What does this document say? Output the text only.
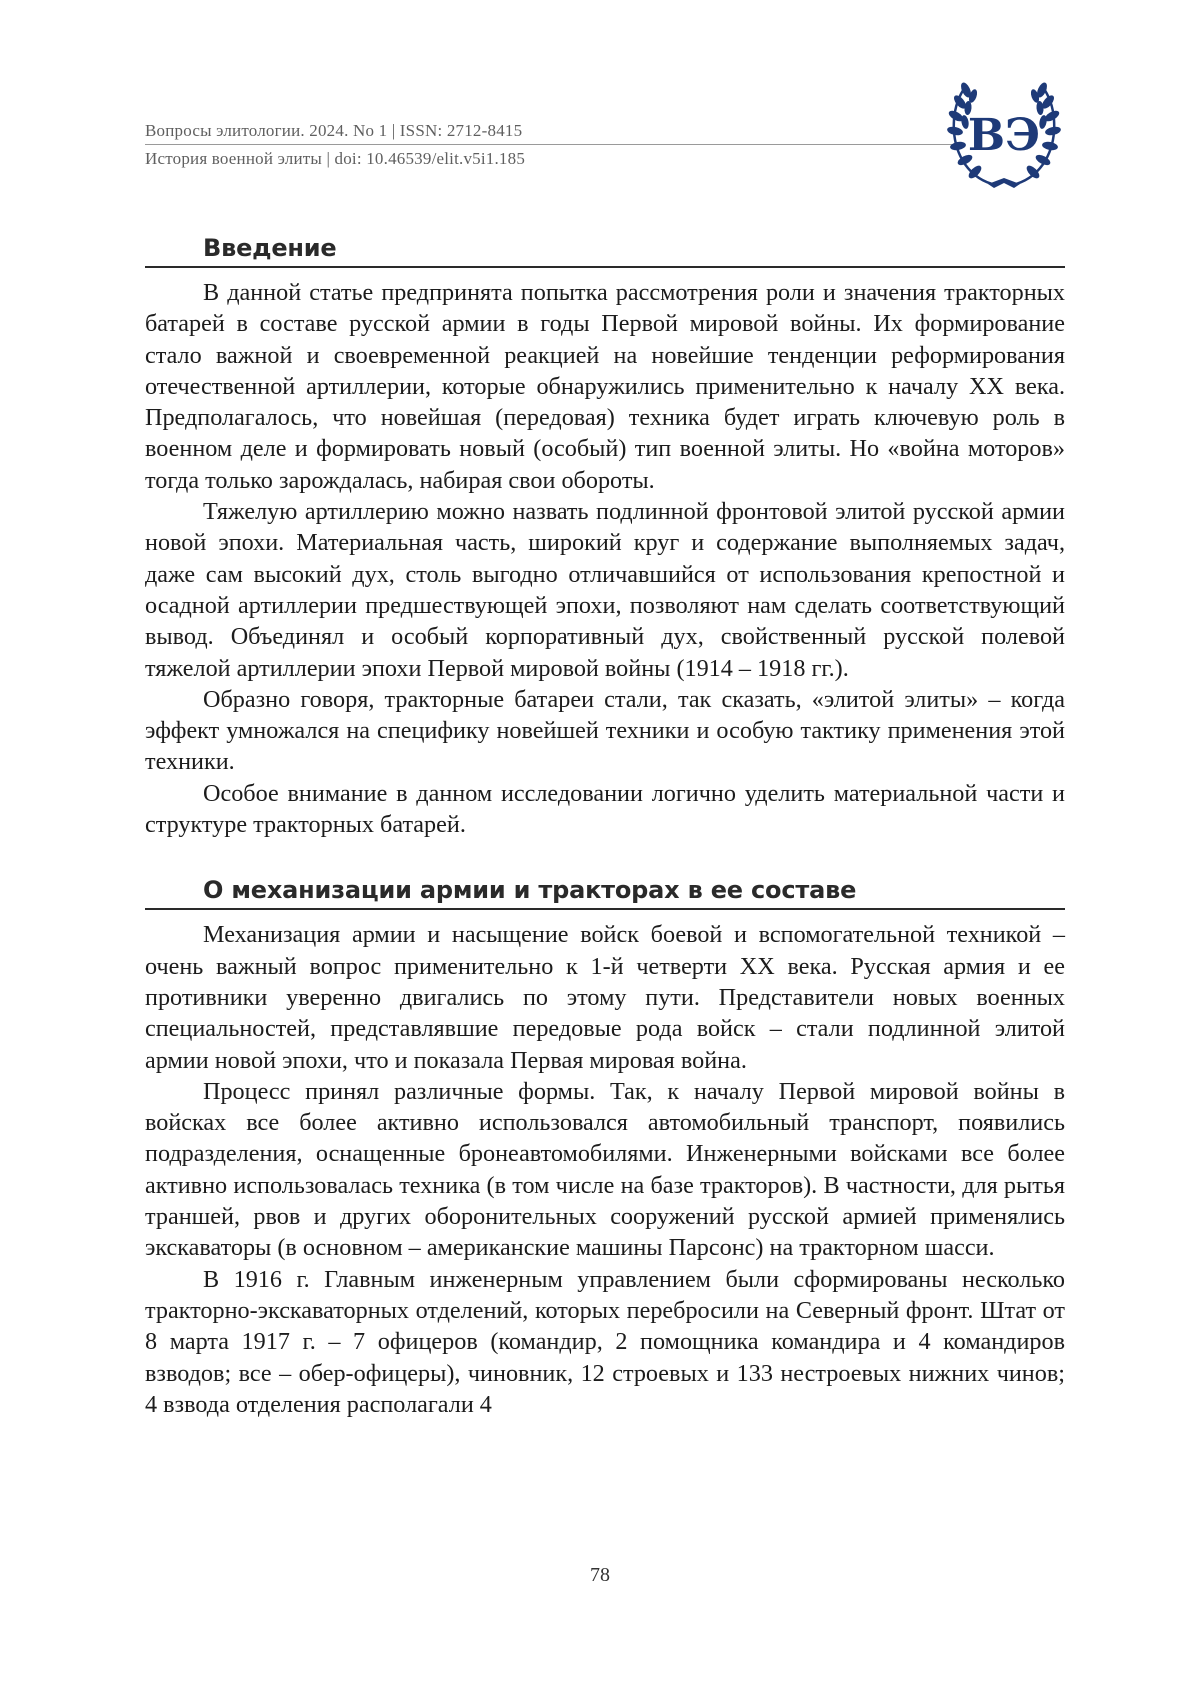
Вопросы элитологии. 2024. No 1 | ISSN: 2712-8415
История военной элиты | doi: 10.46539/elit.v5i1.185	ВЭ
Введение

В данной статье предпринята попытка рассмотрения роли и значения тракторных батарей в составе русской армии в годы Первой мировой войны. Их формирование стало важной и своевременной реакцией на новейшие тенденции реформирования отечественной артиллерии, которые обнаружились применительно к началу XX века. Предполагалось, что новейшая (передовая) техника будет играть ключевую роль в военном деле и формировать новый (особый) тип военной элиты. Но «война моторов» тогда только зарождалась, набирая свои обороты.

Тяжелую артиллерию можно назвать подлинной фронтовой элитой русской армии новой эпохи. Материальная часть, широкий круг и содержание выполняемых задач, даже сам высокий дух, столь выгодно отличавшийся от использования крепостной и осадной артиллерии предшествующей эпохи, позволяют нам сделать соответствующий вывод. Объединял и особый корпоративный дух, свойственный русской полевой тяжелой артиллерии эпохи Первой мировой войны (1914 – 1918 гг.).

Образно говоря, тракторные батареи стали, так сказать, «элитой элиты» – когда эффект умножался на специфику новейшей техники и особую тактику применения этой техники.

Особое внимание в данном исследовании логично уделить материальной части и структуре тракторных батарей.

О механизации армии и тракторах в ее составе

Механизация армии и насыщение войск боевой и вспомогательной техникой – очень важный вопрос применительно к 1-й четверти XX века. Русская армия и ее противники уверенно двигались по этому пути. Представители новых военных специальностей, представлявшие передовые рода войск – стали подлинной элитой армии новой эпохи, что и показала Первая мировая война.

Процесс принял различные формы. Так, к началу Первой мировой войны в войсках все более активно использовался автомобильный транспорт, появились подразделения, оснащенные бронеавтомобилями. Инженерными войсками все более активно использовалась техника (в том числе на базе тракторов). В частности, для рытья траншей, рвов и других оборонительных сооружений русской армией применялись экскаваторы (в основном – американские машины Парсонс) на тракторном шасси.

В 1916 г. Главным инженерным управлением были сформированы несколько тракторно-экскаваторных отделений, которых перебросили на Северный фронт. Штат от 8 марта 1917 г. – 7 офицеров (командир, 2 помощника командира и 4 командиров взводов; все – обер-офицеры), чиновник, 12 строевых и 133 нестроевых нижних чинов; 4 взвода отделения располагали 4

78
